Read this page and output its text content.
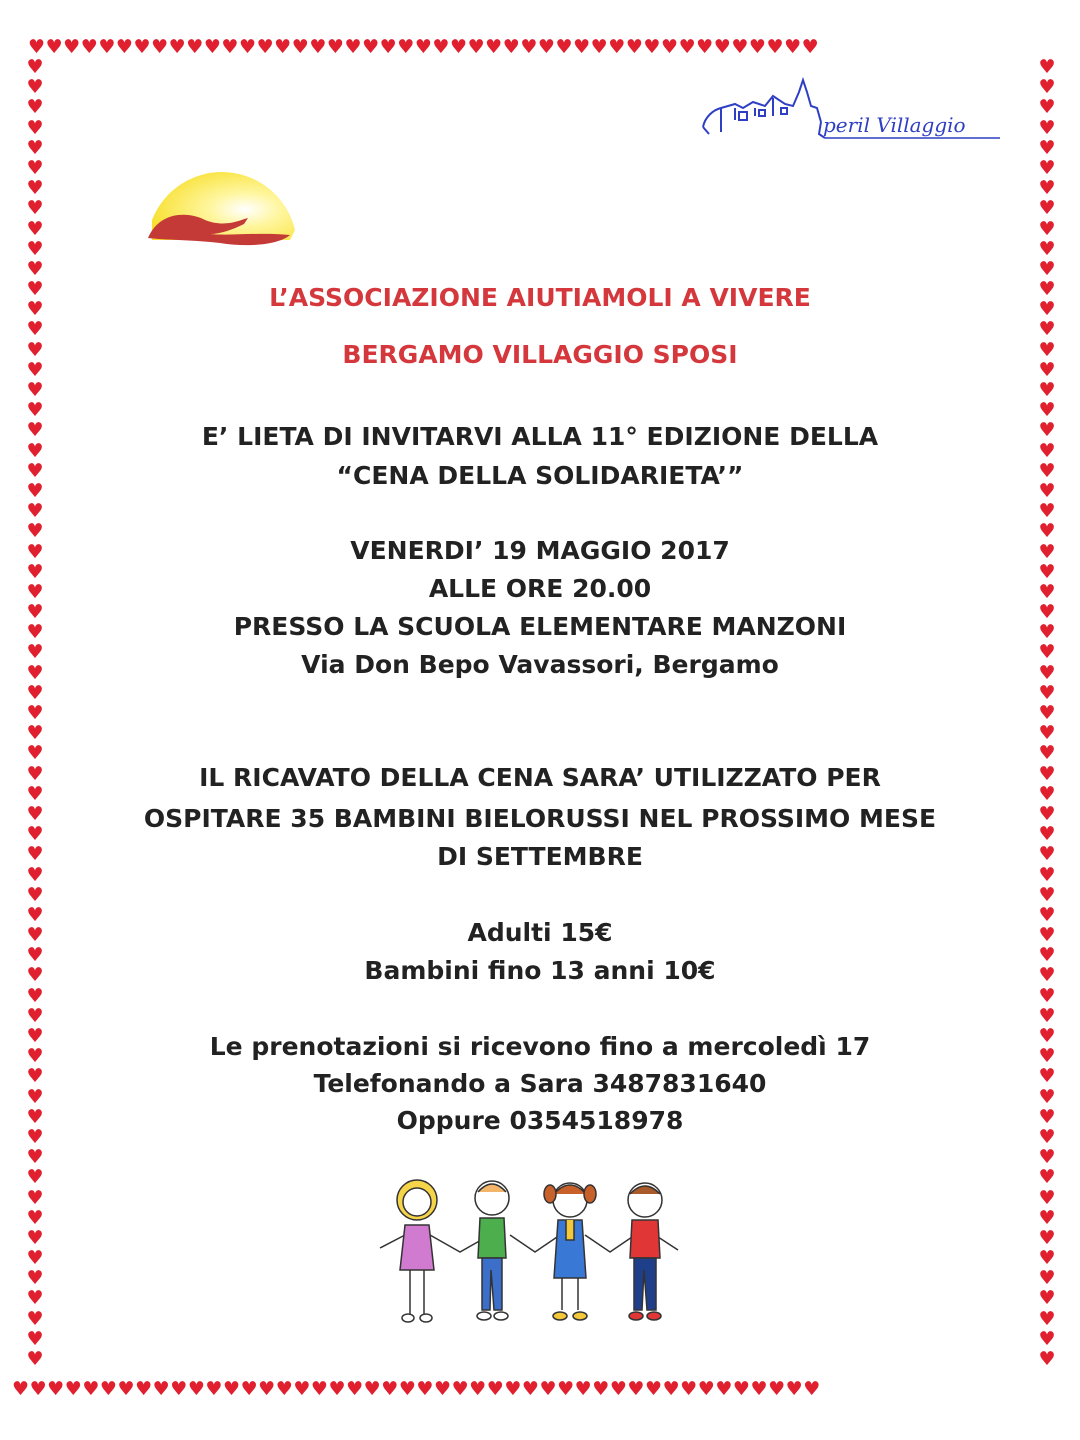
♥♥♥♥♥♥♥♥♥♥♥♥♥♥♥♥♥♥♥♥♥♥♥♥♥♥♥♥♥♥♥♥♥♥♥♥♥♥♥♥♥♥♥♥♥
♥♥♥♥♥♥♥♥♥♥♥♥♥♥♥♥♥♥♥♥♥♥♥♥♥♥♥♥♥♥♥♥♥♥♥♥♥♥♥♥♥♥♥♥♥♥
♥
♥
♥
♥
♥
♥
♥
♥
♥
♥
♥
♥
♥
♥
♥
♥
♥
♥
♥
♥
♥
♥
♥
♥
♥
♥
♥
♥
♥
♥
♥
♥
♥
♥
♥
♥
♥
♥
♥
♥
♥
♥
♥
♥
♥
♥
♥
♥
♥
♥
♥
♥
♥
♥
♥
♥
♥
♥
♥
♥
♥
♥
♥
♥
♥
♥
♥
♥
♥
♥
♥
♥
♥
♥
♥
♥
♥
♥
♥
♥
♥
♥
♥
♥
♥
♥
♥
♥
♥
♥
♥
♥
♥
♥
♥
♥
♥
♥
♥
♥
♥
♥
♥
♥
♥
♥
♥
♥
♥
♥
♥
♥
♥
♥
♥
♥
♥
♥
♥
♥
♥
♥
♥
♥
♥
♥
♥
♥
♥
♥
peril Villaggio
L’ASSOCIAZIONE AIUTIAMOLI A VIVERE
BERGAMO VILLAGGIO SPOSI
E’ LIETA DI INVITARVI ALLA 11° EDIZIONE DELLA
“CENA DELLA SOLIDARIETA’”
VENERDI’ 19 MAGGIO 2017
ALLE ORE 20.00
PRESSO LA SCUOLA ELEMENTARE MANZONI
Via Don Bepo Vavassori, Bergamo
IL RICAVATO DELLA CENA SARA’ UTILIZZATO PER
OSPITARE 35 BAMBINI BIELORUSSI NEL PROSSIMO MESE
DI SETTEMBRE
Adulti 15€
Bambini fino 13 anni 10€
Le prenotazioni si ricevono fino a mercoledì 17
Telefonando a Sara 3487831640
Oppure 0354518978
